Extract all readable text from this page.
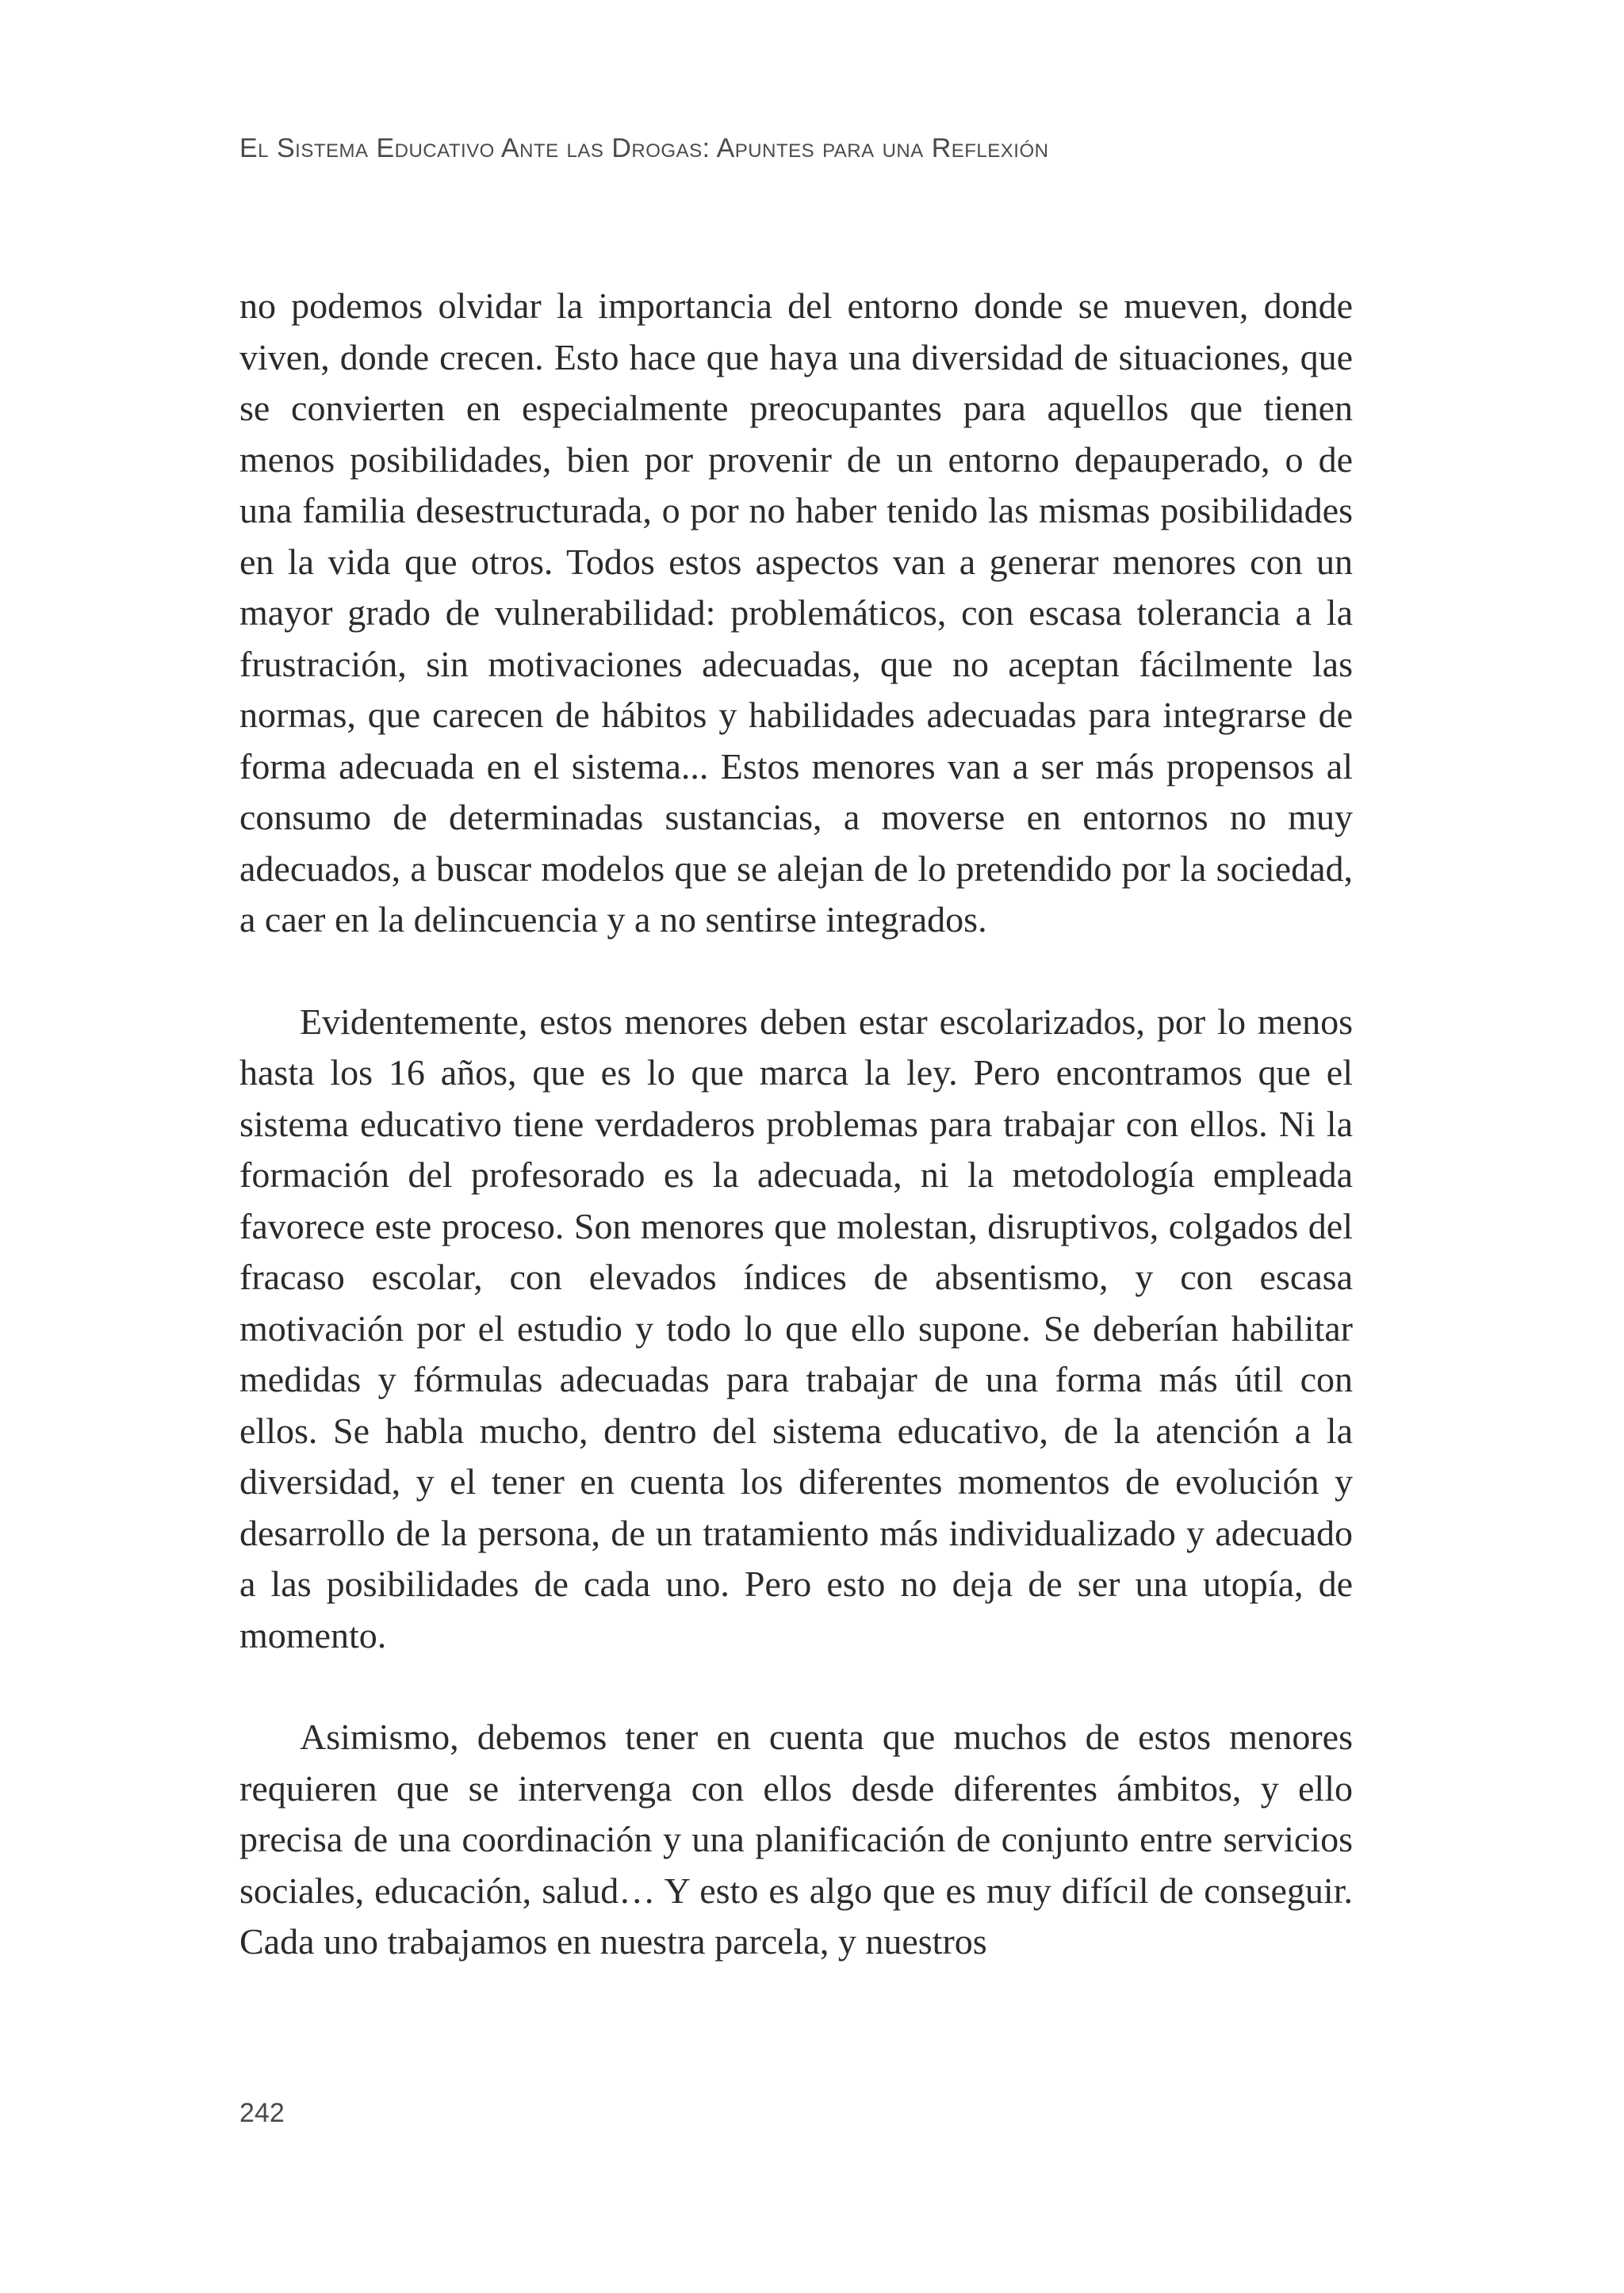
El Sistema Educativo Ante las Drogas: Apuntes para una Reflexión

no podemos olvidar la importancia del entorno donde se mueven, donde viven, donde crecen. Esto hace que haya una diversidad de situaciones, que se convierten en especialmente preocupantes para aquellos que tienen menos posibilidades, bien por provenir de un entorno depauperado, o de una familia desestructurada, o por no haber tenido las mismas posibilidades en la vida que otros. Todos estos aspectos van a generar menores con un mayor grado de vulnerabilidad: problemáticos, con escasa tolerancia a la frustración, sin motivaciones adecuadas, que no aceptan fácilmente las normas, que carecen de hábitos y habilidades adecuadas para integrarse de forma adecuada en el sistema... Estos menores van a ser más propensos al consumo de determinadas sustancias, a moverse en entornos no muy adecuados, a buscar modelos que se alejan de lo pretendido por la sociedad, a caer en la delincuencia y a no sentirse integrados.

Evidentemente, estos menores deben estar escolarizados, por lo menos hasta los 16 años, que es lo que marca la ley. Pero encontramos que el sistema educativo tiene verdaderos problemas para trabajar con ellos. Ni la formación del profesorado es la adecuada, ni la metodología empleada favorece este proceso. Son menores que molestan, disruptivos, colgados del fracaso escolar, con elevados índices de absentismo, y con escasa motivación por el estudio y todo lo que ello supone. Se deberían habilitar medidas y fórmulas adecuadas para trabajar de una forma más útil con ellos. Se habla mucho, dentro del sistema educativo, de la atención a la diversidad, y el tener en cuenta los diferentes momentos de evolución y desarrollo de la persona, de un tratamiento más individualizado y adecuado a las posibilidades de cada uno. Pero esto no deja de ser una utopía, de momento.

Asimismo, debemos tener en cuenta que muchos de estos menores requieren que se intervenga con ellos desde diferentes ámbitos, y ello precisa de una coordinación y una planificación de conjunto entre servicios sociales, educación, salud… Y esto es algo que es muy difícil de conseguir. Cada uno trabajamos en nuestra parcela, y nuestros

242
